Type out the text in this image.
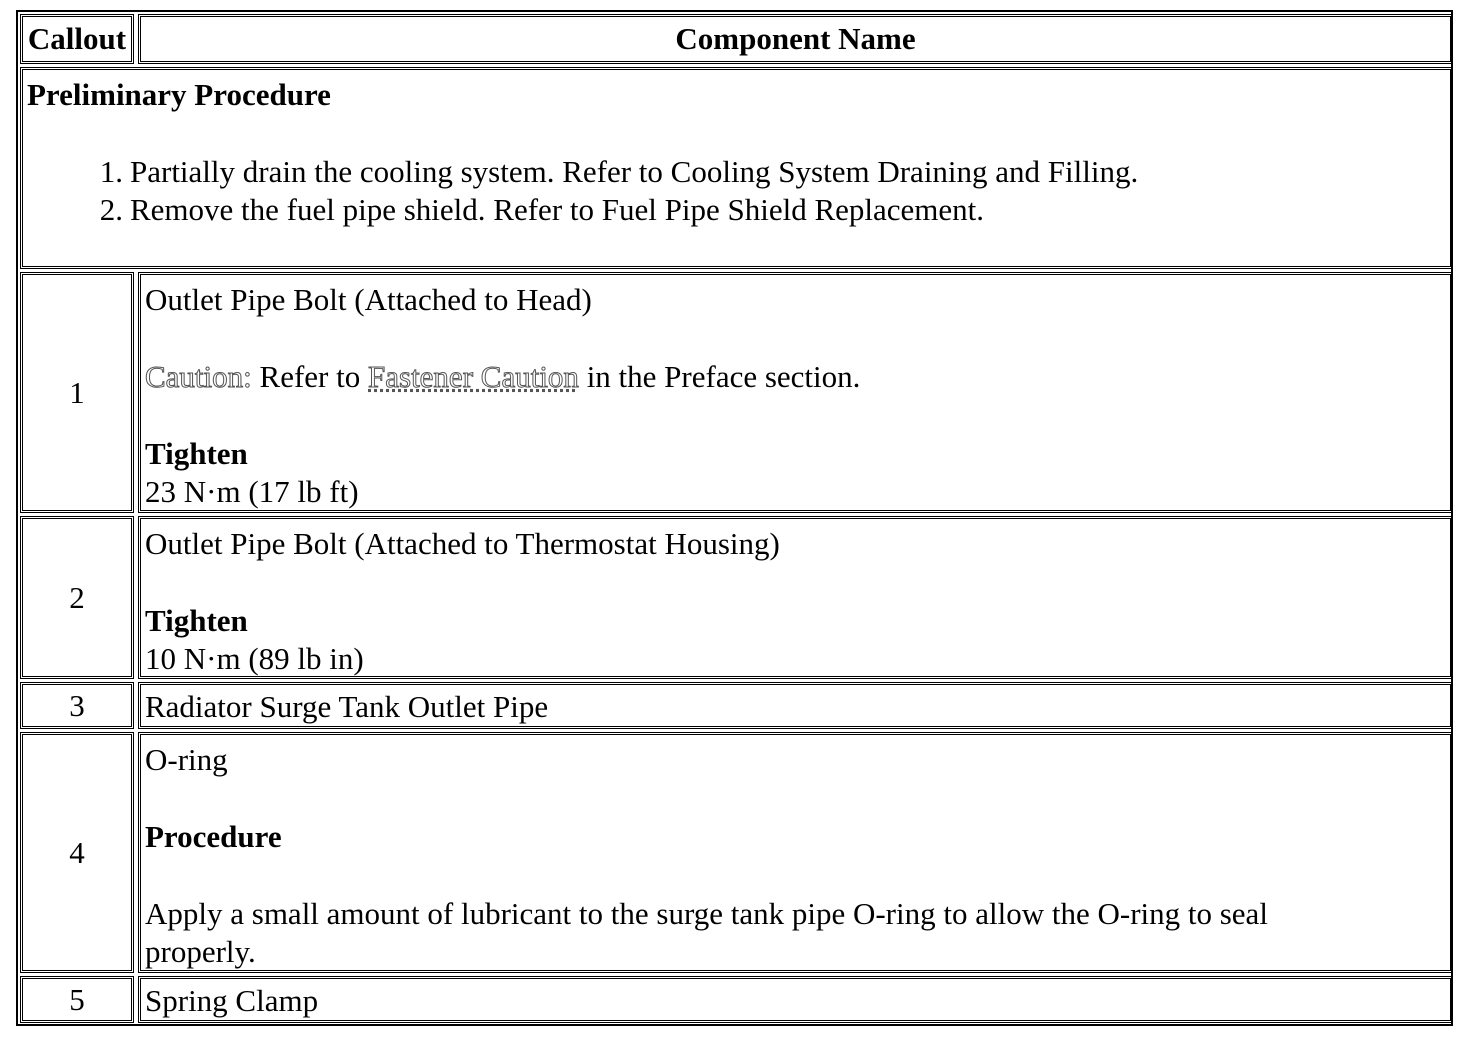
Callout	Component Name
Preliminary Procedure
1. Partially drain the cooling system. Refer to Cooling System Draining and Filling.
2. Remove the fuel pipe shield. Refer to Fuel Pipe Shield Replacement.
1
Outlet Pipe Bolt (Attached to Head)
Caution: Refer to Fastener Caution in the Preface section.
Tighten
23 N·m (17 lb ft)
2
Outlet Pipe Bolt (Attached to Thermostat Housing)
Tighten
10 N·m (89 lb in)
3 Radiator Surge Tank Outlet Pipe
4
O-ring
Procedure
Apply a small amount of lubricant to the surge tank pipe O-ring to allow the O-ring to seal properly.
5 Spring Clamp
